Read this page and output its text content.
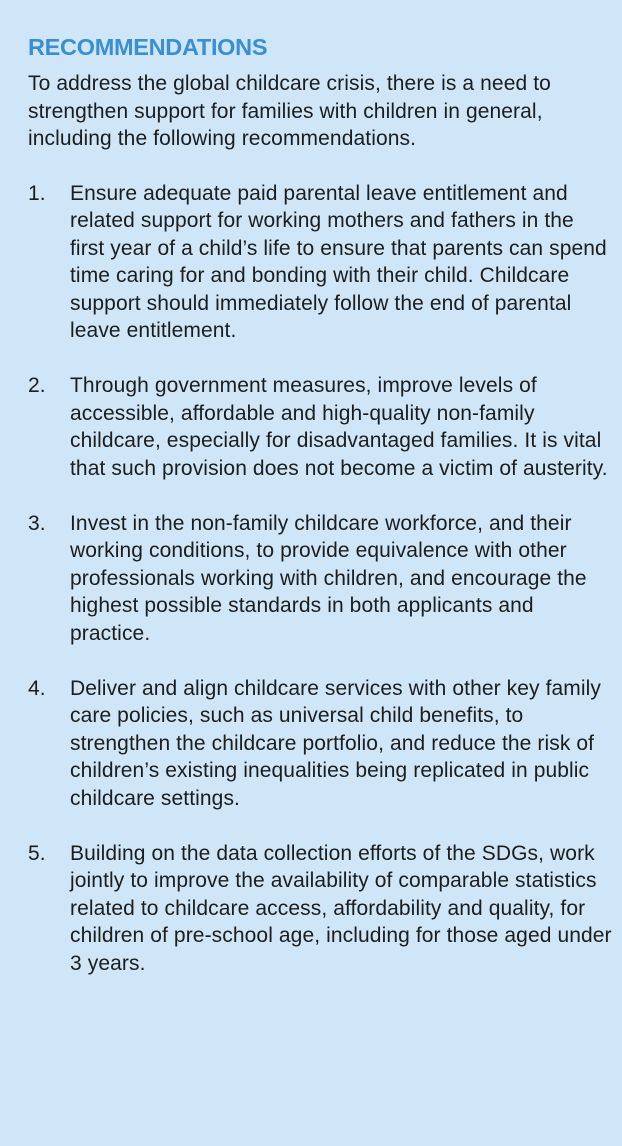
RECOMMENDATIONS

To address the global childcare crisis, there is a need to strengthen support for families with children in general, including the following recommendations.

1. Ensure adequate paid parental leave entitlement and related support for working mothers and fathers in the first year of a child’s life to ensure that parents can spend time caring for and bonding with their child. Childcare support should immediately follow the end of parental leave entitlement.
2. Through government measures, improve levels of accessible, affordable and high-quality non-family childcare, especially for disadvantaged families. It is vital that such provision does not become a victim of austerity.
3. Invest in the non-family childcare workforce, and their working conditions, to provide equivalence with other professionals working with children, and encourage the highest possible standards in both applicants and practice.
4. Deliver and align childcare services with other key family care policies, such as universal child benefits, to strengthen the childcare portfolio, and reduce the risk of children’s existing inequalities being replicated in public childcare settings.
5. Building on the data collection efforts of the SDGs, work jointly to improve the availability of comparable statistics related to childcare access, affordability and quality, for children of pre-school age, including for those aged under 3 years.
